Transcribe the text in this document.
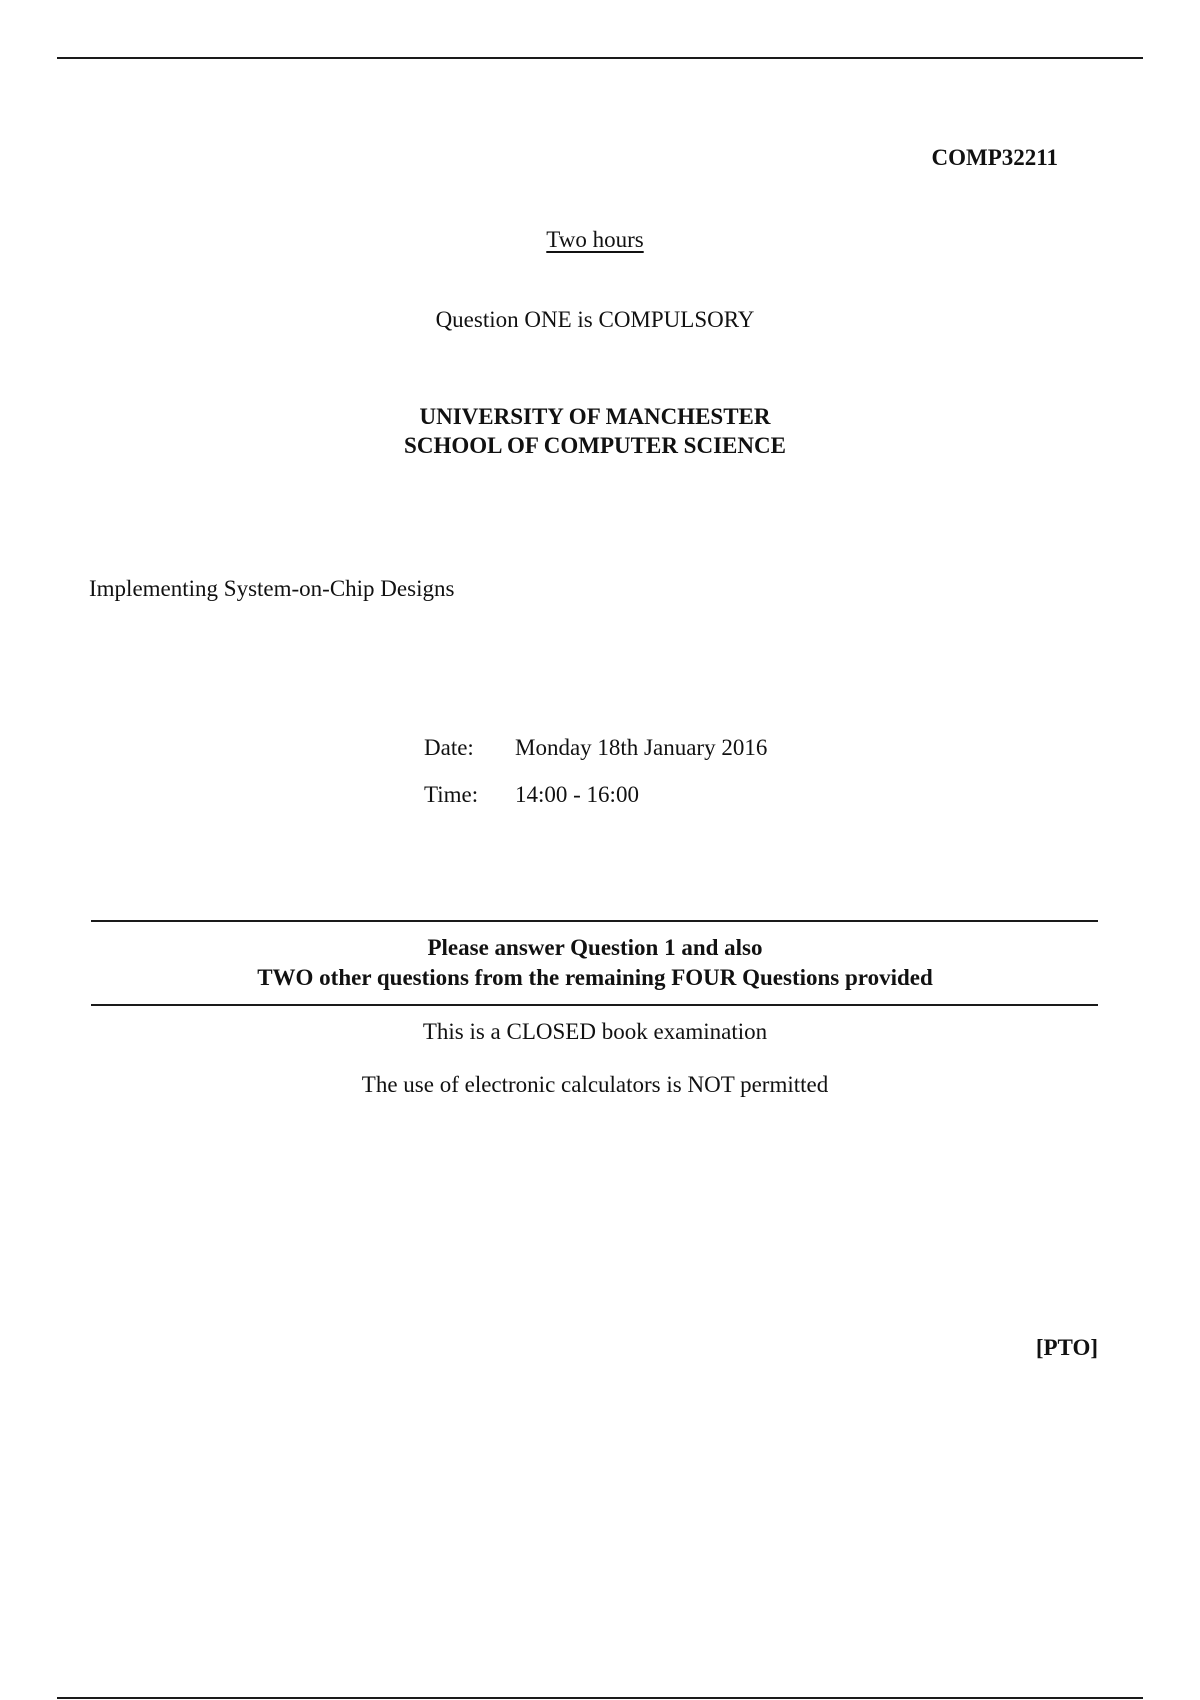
COMP32211
Two hours
Question ONE is COMPULSORY
UNIVERSITY OF MANCHESTER
SCHOOL OF COMPUTER SCIENCE
Implementing System-on-Chip Designs
Date: Monday 18th January 2016
Time: 14:00 - 16:00
Please answer Question 1 and also
TWO other questions from the remaining FOUR Questions provided
This is a CLOSED book examination
The use of electronic calculators is NOT permitted
[PTO]
